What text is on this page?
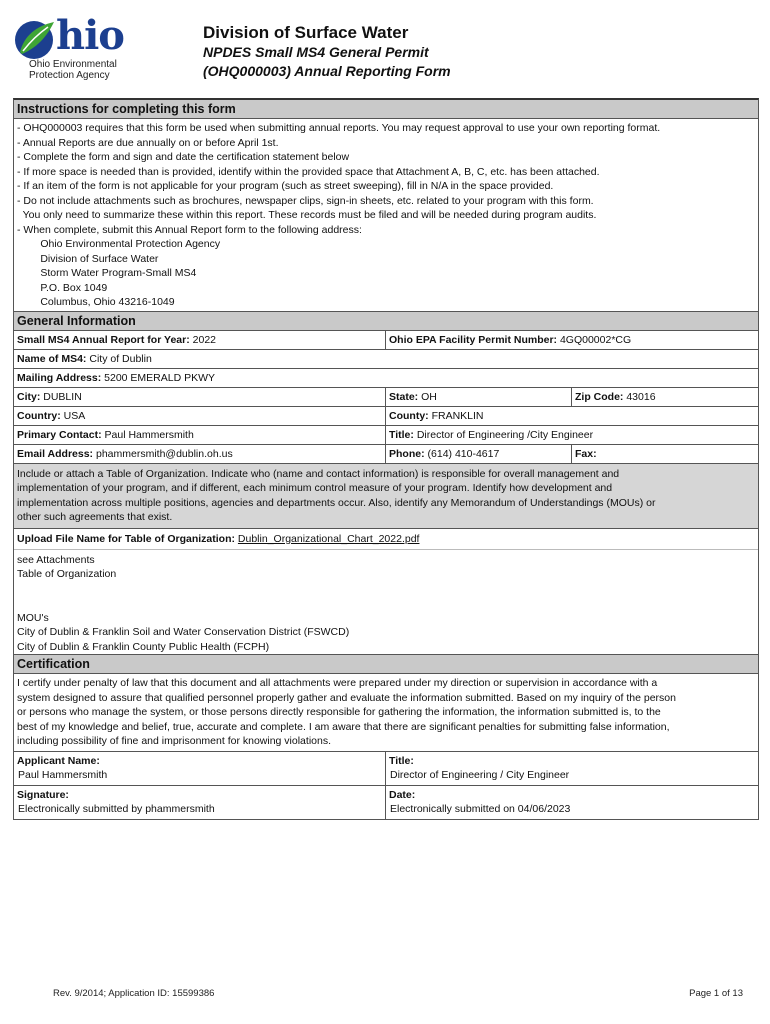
hio
Ohio Environmental
Protection Agency
Division of Surface Water
NPDES Small MS4 General Permit
(OHQ000003) Annual Reporting Form
Instructions for completing this form
- OHQ000003 requires that this form be used when submitting annual reports. You may request approval to use your own reporting format.
- Annual Reports are due annually on or before April 1st.
- Complete the form and sign and date the certification statement below
- If more space is needed than is provided, identify within the provided space that Attachment A, B, C, etc. has been attached.
- If an item of the form is not applicable for your program (such as street sweeping), fill in N/A in the space provided.
- Do not include attachments such as brochures, newspaper clips, sign-in sheets, etc. related to your program with this form.
You only need to summarize these within this report. These records must be filed and will be needed during program audits.
- When complete, submit this Annual Report form to the following address:
Ohio Environmental Protection Agency
Division of Surface Water
Storm Water Program-Small MS4
P.O. Box 1049
Columbus, Ohio 43216-1049
General Information
Small MS4 Annual Report for Year: 2022	Ohio EPA Facility Permit Number: 4GQ00002*CG
Name of MS4: City of Dublin
Mailing Address: 5200 EMERALD PKWY
City: DUBLIN	State: OH	Zip Code: 43016
Country: USA	County: FRANKLIN
Primary Contact: Paul Hammersmith	Title: Director of Engineering /City Engineer
Email Address: phammersmith@dublin.oh.us	Phone: (614) 410-4617	Fax:
Include or attach a Table of Organization. Indicate who (name and contact information) is responsible for overall management and
implementation of your program, and if different, each minimum control measure of your program. Identify how development and
implementation across multiple positions, agencies and departments occur. Also, identify any Memorandum of Understandings (MOUs) or
other such agreements that exist.
Upload File Name for Table of Organization: Dublin_Organizational_Chart_2022.pdf
see Attachments
Table of Organization
MOU's
City of Dublin & Franklin Soil and Water Conservation District (FSWCD)
City of Dublin & Franklin County Public Health (FCPH)
Certification
I certify under penalty of law that this document and all attachments were prepared under my direction or supervision in accordance with a
system designed to assure that qualified personnel properly gather and evaluate the information submitted. Based on my inquiry of the person
or persons who manage the system, or those persons directly responsible for gathering the information, the information submitted is, to the
best of my knowledge and belief, true, accurate and complete. I am aware that there are significant penalties for submitting false information,
including possibility of fine and imprisonment for knowing violations.
Applicant Name:
Paul Hammersmith
Title:
Director of Engineering / City Engineer
Signature:
Electronically submitted by phammersmith
Date:
Electronically submitted on 04/06/2023
Rev. 9/2014; Application ID: 15599386	Page 1 of 13
